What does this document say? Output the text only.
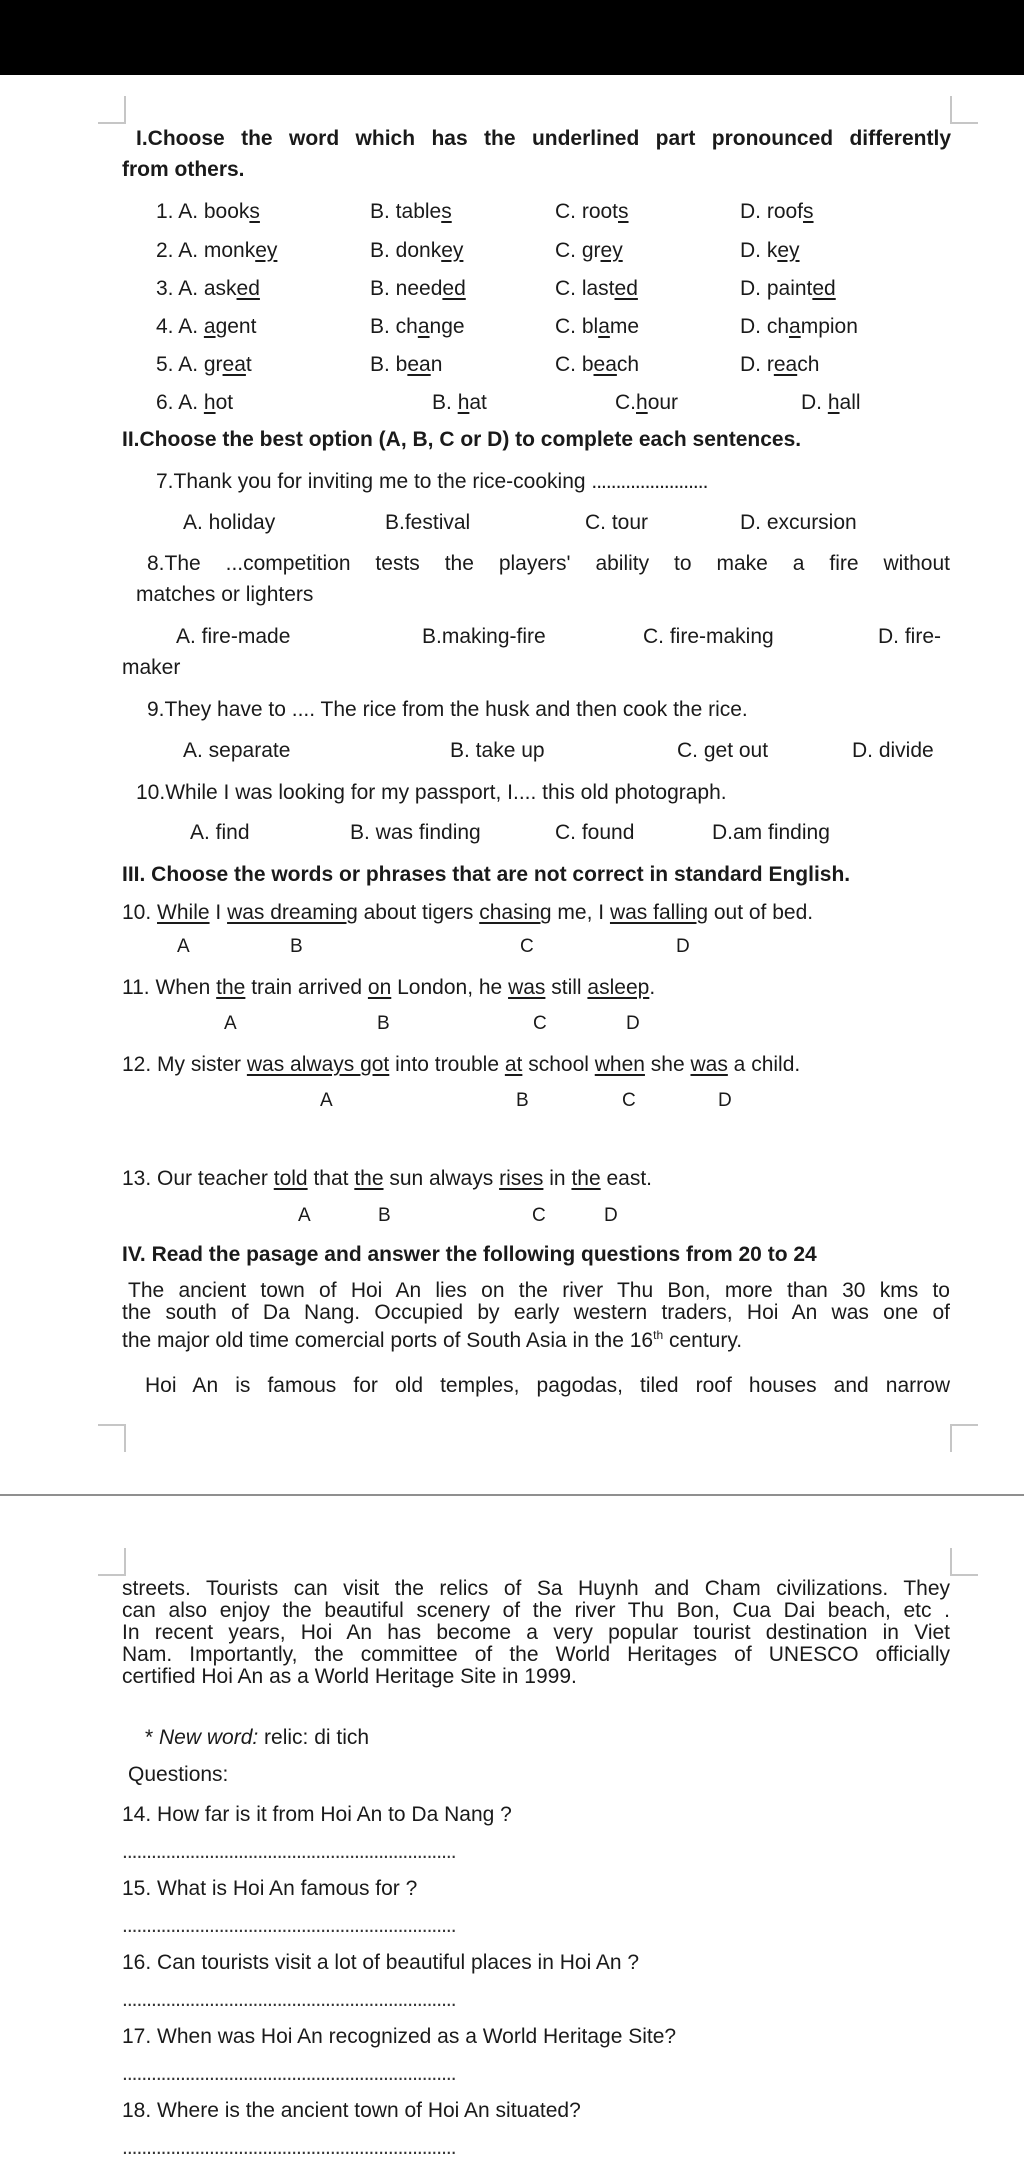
I.Choose the word which has the underlined part pronounced differently
from others.
1. A. books	B. tables	C. roots	D. roofs
2. A. monkey	B. donkey	C. grey	D. key
3. A. asked	B. needed	C. lasted	D. painted
4. A. agent	B. change	C. blame	D. champion
5. A. great	B. bean	C. beach	D. reach
6. A. hot	B. hat	C.hour	D. hall
II.Choose the best option (A, B, C or D) to complete each sentences.
7.Thank you for inviting me to the rice-cooking ........................
A. holiday	B.festival	C. tour	D. excursion
8.The ...competition tests the players' ability to make a fire without
matches or lighters
A. fire-made	B.making-fire	C. fire-making	D. fire-
maker
9.They have to .... The rice from the husk and then cook the rice.
A. separate	B. take up	C. get out	D. divide
10.While I was looking for my passport, I.... this old photograph.
A. find	B. was finding	C. found	D.am finding
III. Choose the words or phrases that are not correct in standard English.
10. While I was dreaming about tigers chasing me, I was falling out of bed.
A	B	C	D
11. When the train arrived on London, he was still asleep.
A	B	C	D
12. My sister was always got into trouble at school when she was a child.
A	B	C	D
13. Our teacher told that the sun always rises in the east.
A	B	C	D
IV. Read the pasage and answer the following questions from 20 to 24
The ancient town of Hoi An lies on the river Thu Bon, more than 30 kms to
the south of Da Nang. Occupied by early western traders, Hoi An was one of
the major old time comercial ports of South Asia in the 16th century.
Hoi An is famous for old temples, pagodas, tiled roof houses and narrow
streets. Tourists can visit the relics of Sa Huynh and Cham civilizations. They
can also enjoy the beautiful scenery of the river Thu Bon, Cua Dai beach, etc .
In recent years, Hoi An has become a very popular tourist destination in Viet
Nam. Importantly, the committee of the World Heritages of UNESCO officially
certified Hoi An as a World Heritage Site in 1999.
* New word: relic: di tich
Questions:
14. How far is it from Hoi An to Da Nang ?
.....................................................................
15. What is Hoi An famous for ?
.....................................................................
16. Can tourists visit a lot of beautiful places in Hoi An ?
.....................................................................
17. When was Hoi An recognized as a World Heritage Site?
.....................................................................
18. Where is the ancient town of Hoi An situated?
.....................................................................
